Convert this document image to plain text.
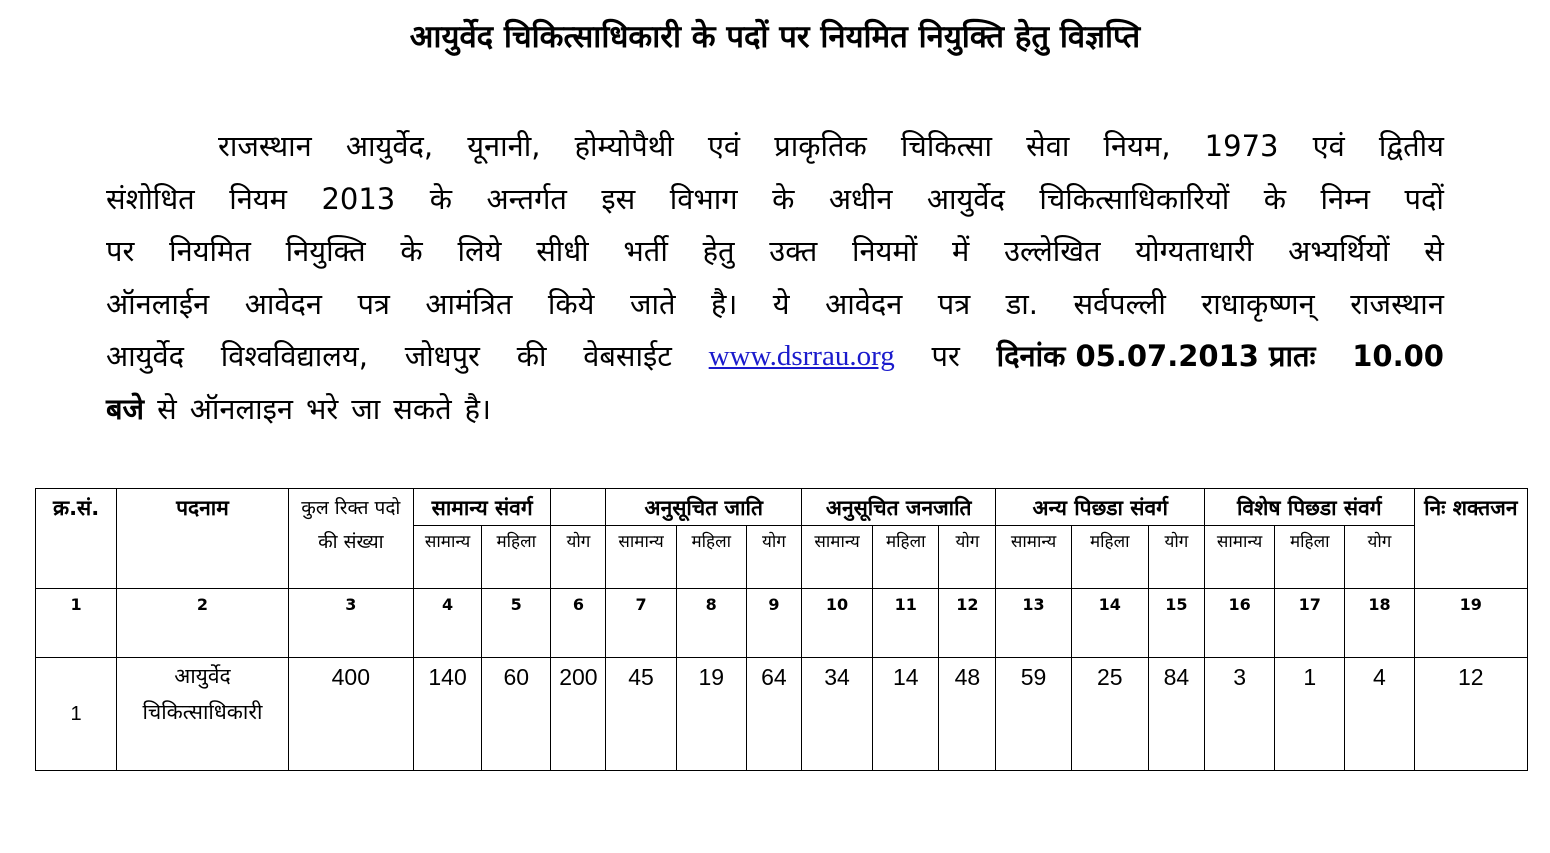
आयुर्वेद चिकित्साधिकारी के पदों पर नियमित नियुक्ति हेतु विज्ञप्ति
राजस्थान आयुर्वेद, यूनानी, होम्योपैथी एवं प्राकृतिक चिकित्सा सेवा नियम, 1973 एवं द्वितीय
संशोधित नियम 2013 के अन्तर्गत इस विभाग के अधीन आयुर्वेद चिकित्साधिकारियों के निम्न पदों
पर नियमित नियुक्ति के लिये सीधी भर्ती हेतु उक्त नियमों में उल्लेखित योग्यताधारी अभ्यर्थियों से
ऑनलाईन आवेदन पत्र आमंत्रित किये जाते है। ये आवेदन पत्र डा. सर्वपल्ली राधाकृष्णन् राजस्थान
आयुर्वेद विश्वविद्यालय, जोधपुर की वेबसाईट www.dsrrau.org पर दिनांक 05.07.2013 प्रातः 10.00
बजे से ऑनलाइन भरे जा सकते है।
क्र.सं.	पदनाम	कुल रिक्त पदो की संख्या	सामान्य संवर्ग			अनुसूचित जाति			अनुसूचित जनजाति			अन्य पिछडा संवर्ग			विशेष पिछडा संवर्ग			निः शक्तजन
			सामान्य	महिला	योग	सामान्य	महिला	योग	सामान्य	महिला	योग	सामान्य	महिला	योग	सामान्य	महिला	योग	
1	2	3	4	5	6	7	8	9	10	11	12	13	14	15	16	17	18	19
1	आयुर्वेद चिकित्साधिकारी	400	140	60	200	45	19	64	34	14	48	59	25	84	3	1	4	12
